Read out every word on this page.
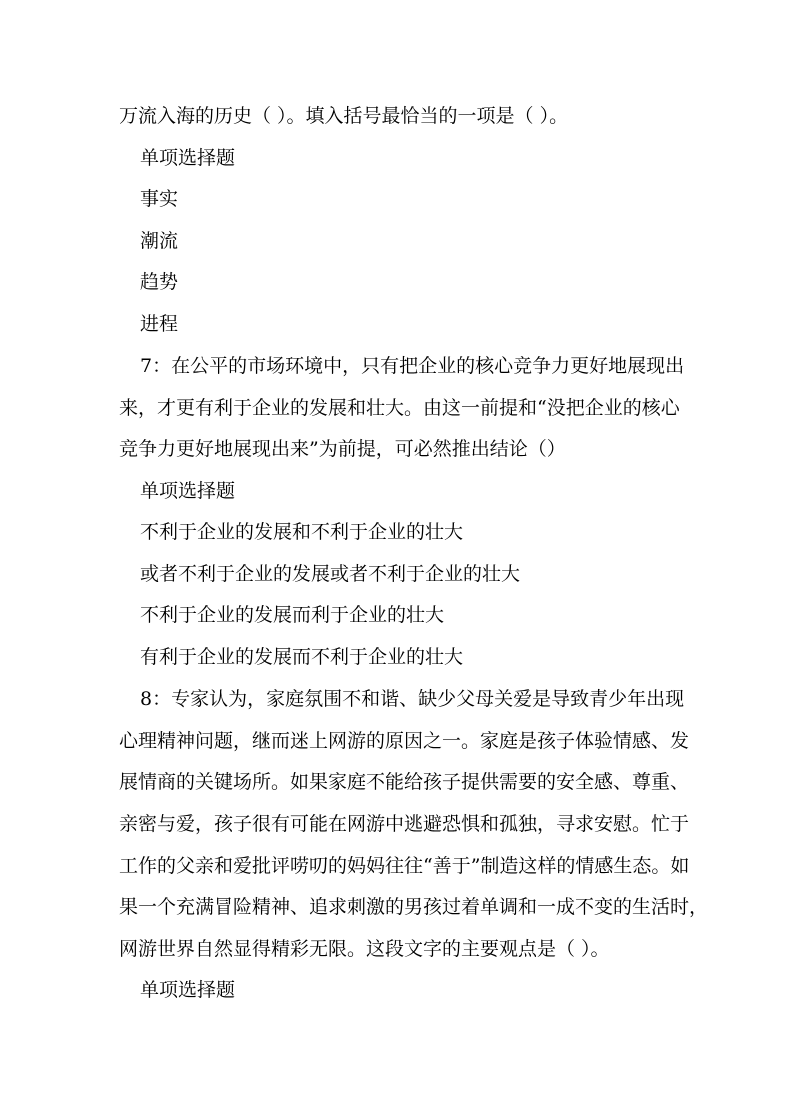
万流入海的历史（ ）。填入括号最恰当的一项是（ ）。
单项选择题
事实
潮流
趋势
进程
7：在公平的市场环境中，只有把企业的核心竞争力更好地展现出
来，才更有利于企业的发展和壮大。由这一前提和“没把企业的核心
竞争力更好地展现出来”为前提，可必然推出结论（）
单项选择题
不利于企业的发展和不利于企业的壮大
或者不利于企业的发展或者不利于企业的壮大
不利于企业的发展而利于企业的壮大
有利于企业的发展而不利于企业的壮大
8：专家认为，家庭氛围不和谐、缺少父母关爱是导致青少年出现
心理精神问题，继而迷上网游的原因之一。家庭是孩子体验情感、发
展情商的关键场所。如果家庭不能给孩子提供需要的安全感、尊重、
亲密与爱，孩子很有可能在网游中逃避恐惧和孤独，寻求安慰。忙于
工作的父亲和爱批评唠叨的妈妈往往“善于”制造这样的情感生态。如
果一个充满冒险精神、追求刺激的男孩过着单调和一成不变的生活时，
网游世界自然显得精彩无限。这段文字的主要观点是（ ）。
单项选择题
